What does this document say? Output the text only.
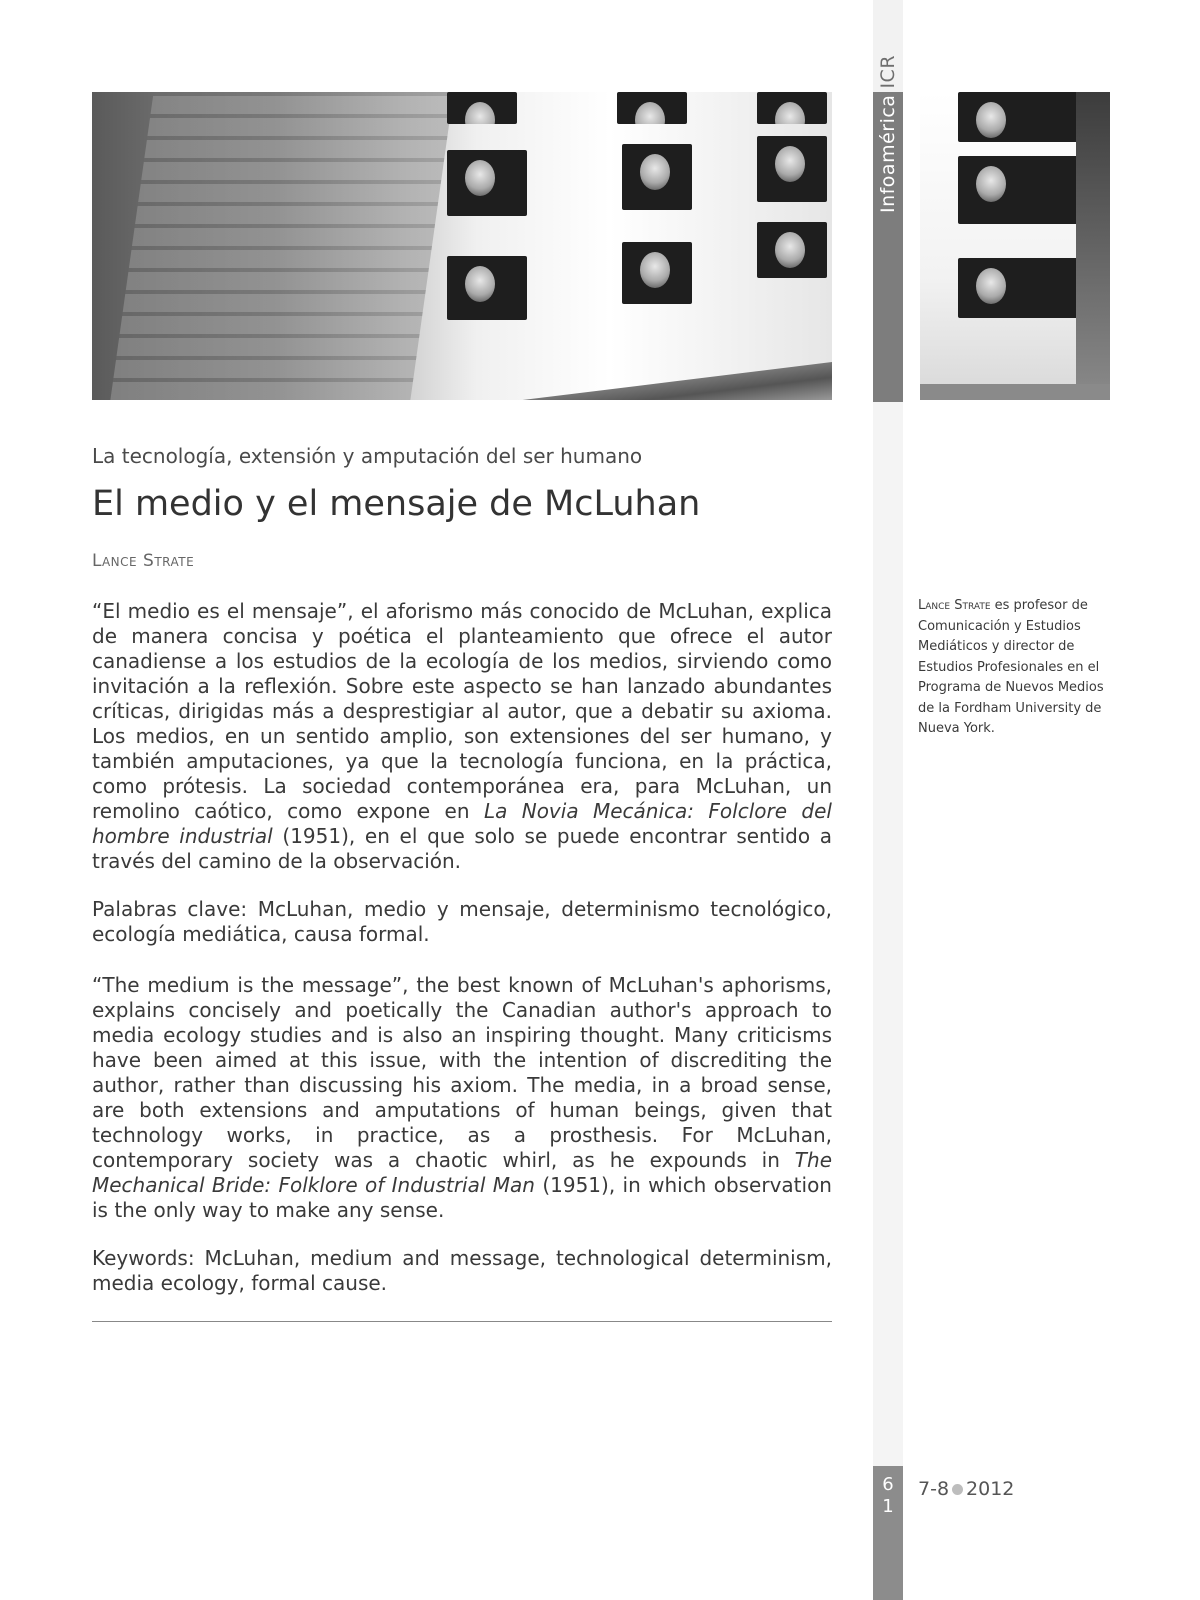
InfoaméricaICR
La tecnología, extensión y amputación del ser humano
El medio y el mensaje de McLuhan
Lance Strate

“El medio es el mensaje”, el aforismo más conocido de McLuhan, explica de manera concisa y poética el planteamiento que ofrece el autor canadiense a los estudios de la ecología de los medios, sirviendo como invitación a la reflexión. Sobre este aspecto se han lanzado abundantes críticas, dirigidas más a desprestigiar al autor, que a debatir su axioma. Los medios, en un sentido amplio, son extensiones del ser humano, y también amputaciones, ya que la tecnología funciona, en la práctica, como prótesis. La sociedad contemporánea era, para McLuhan, un remolino caótico, como expone en La Novia Mecánica: Folclore del hombre industrial (1951), en el que solo se puede encontrar sentido a través del camino de la observación.

Palabras clave: McLuhan, medio y mensaje, determinismo tecnológico, ecología mediática, causa formal.

“The medium is the message”, the best known of McLuhan's aphorisms, explains concisely and poetically the Canadian author's approach to media ecology studies and is also an inspiring thought. Many criticisms have been aimed at this issue, with the intention of discrediting the author, rather than discussing his axiom. The media, in a broad sense, are both extensions and amputations of human beings, given that technology works, in practice, as a prosthesis. For McLuhan, contemporary society was a chaotic whirl, as he expounds in The Mechanical Bride: Folklore of Industrial Man (1951), in which observation is the only way to make any sense.

Keywords: McLuhan, medium and message, technological determinism, media ecology, formal cause.

Lance Strate es profesor de Comunicación y Estudios Mediáticos y director de Estudios Profesionales en el Programa de Nuevos Medios de la Fordham University de Nueva York.
6 1
7-8 2012
